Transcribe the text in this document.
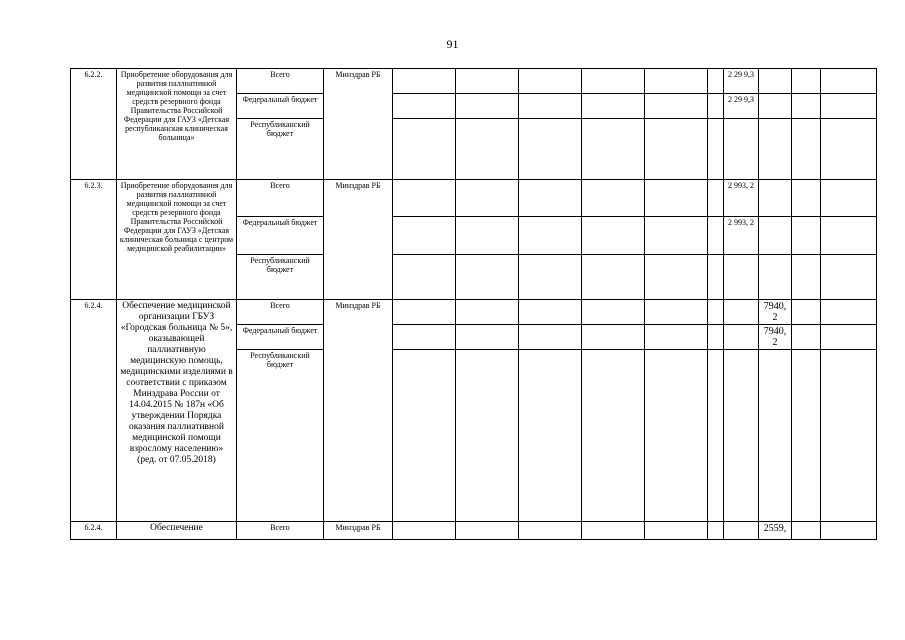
91
6.2.2.	Приобретение оборудования для развития паллиативной медицинской помощи за счет средств резервного фонда Правительства Российской Федерации для ГАУЗ «Детская республиканская клиническая больница»	Всего	Минздрав РБ							2 29 9,3			
		Федеральный бюджет								2 29 9,3			
		Республиканский бюджет											
6.2.3.	Приобретение оборудования для развития паллиативной медицинской помощи за счет средств резервного фонда Правительства Российской Федерации для ГАУЗ «Детская клиническая больница с центром медицинской реабилитации»	Всего	Минздрав РБ							2 993, 2			
		Федеральный бюджет								2 993, 2			
		Республиканский бюджет											
6.2.4.	Обеспечение медицинской организации ГБУЗ «Городская больница № 5», оказывающей паллиативную медицинскую помощь, медицинскими изделиями в соответствии с приказом Минздрава России от 14.04.2015 № 187н «Об утверждении Порядка оказания паллиативной медицинской помощи взрослому населению» (ред. от 07.05.2018)	Всего	Минздрав РБ								7940, 2		
		Федеральный бюджет									7940, 2		
		Республиканский бюджет											
6.2.4.	Обеспечение	Всего	Минздрав РБ								2559,		
